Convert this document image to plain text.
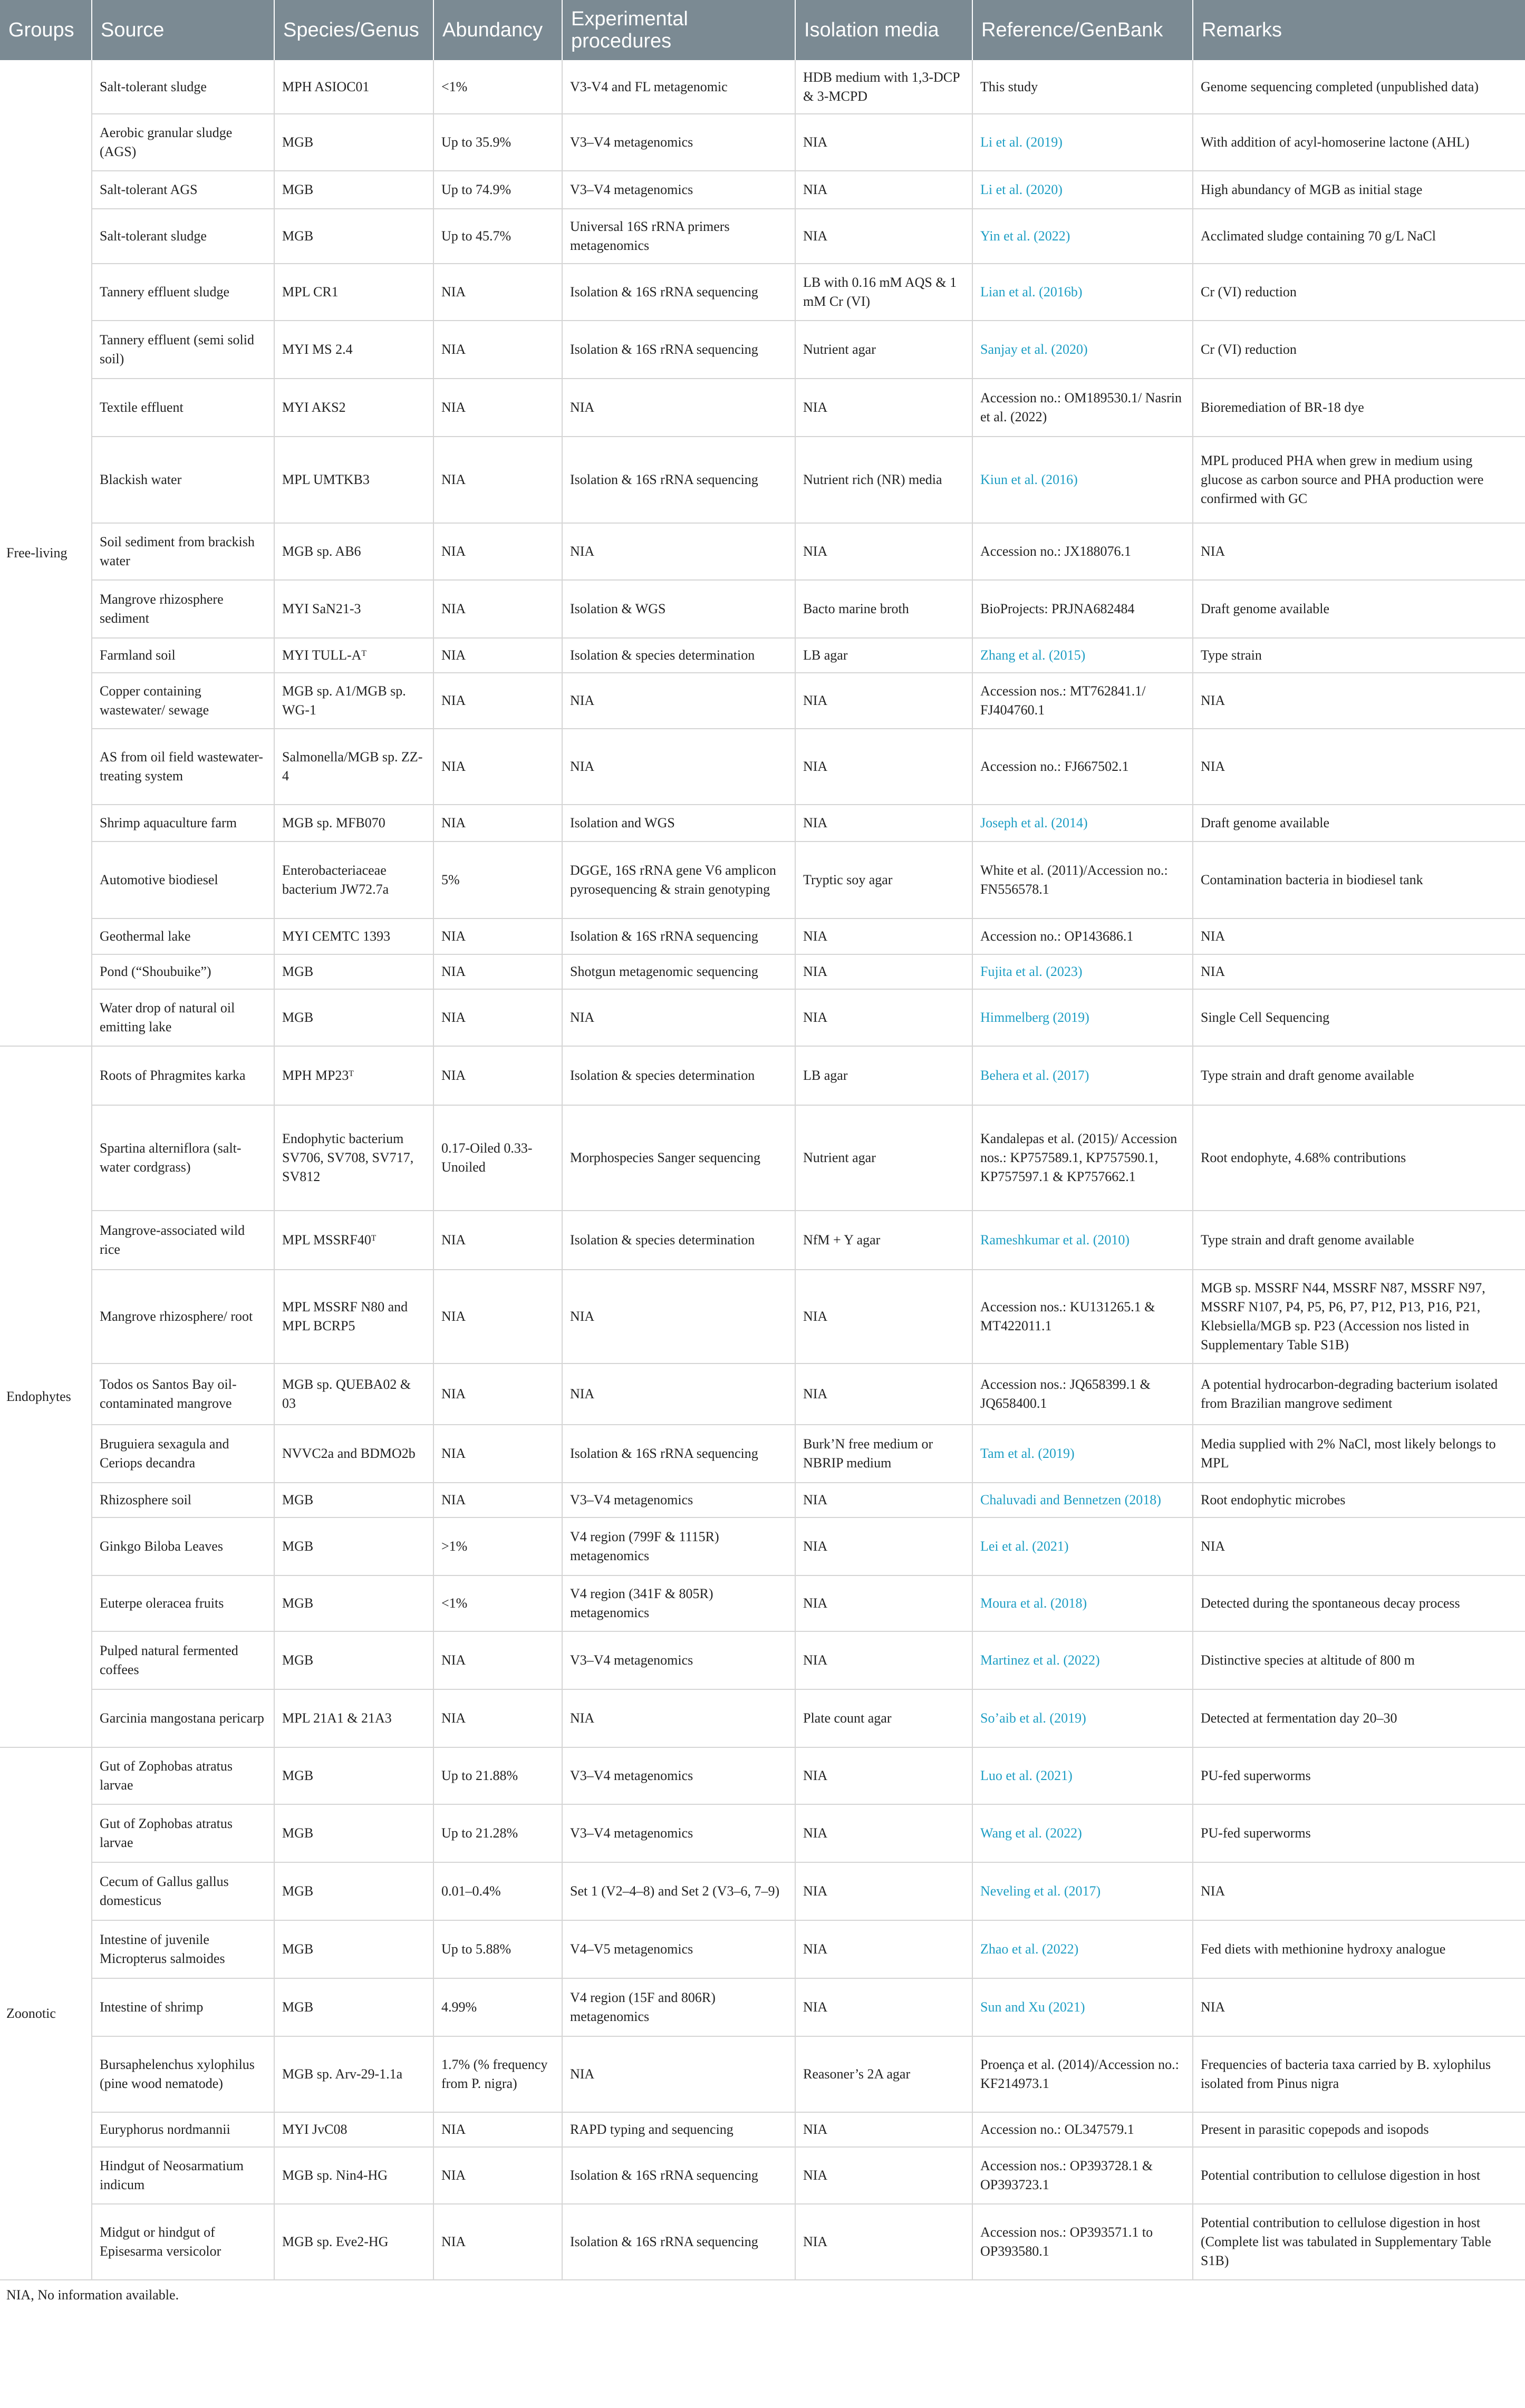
Groups	Source	Species/Genus	Abundancy	Experimental procedures	Isolation media	Reference/GenBank	Remarks
Free-living	Salt-tolerant sludge	MPH ASIOC01	<1%	V3-V4 and FL metagenomic	HDB medium with 1,3-DCP & 3-MCPD	This study	Genome sequencing completed (unpublished data)
	Aerobic granular sludge (AGS)	MGB	Up to 35.9%	V3–V4 metagenomics	NIA	Li et al. (2019)	With addition of acyl-homoserine lactone (AHL)
	Salt-tolerant AGS	MGB	Up to 74.9%	V3–V4 metagenomics	NIA	Li et al. (2020)	High abundancy of MGB as initial stage
	Salt-tolerant sludge	MGB	Up to 45.7%	Universal 16S rRNA primers metagenomics	NIA	Yin et al. (2022)	Acclimated sludge containing 70 g/L NaCl
	Tannery effluent sludge	MPL CR1	NIA	Isolation & 16S rRNA sequencing	LB with 0.16 mM AQS & 1 mM Cr (VI)	Lian et al. (2016b)	Cr (VI) reduction
	Tannery effluent (semi solid soil)	MYI MS 2.4	NIA	Isolation & 16S rRNA sequencing	Nutrient agar	Sanjay et al. (2020)	Cr (VI) reduction
	Textile effluent	MYI AKS2	NIA	NIA	NIA	Accession no.: OM189530.1/ Nasrin et al. (2022)	Bioremediation of BR-18 dye
	Blackish water	MPL UMTKB3	NIA	Isolation & 16S rRNA sequencing	Nutrient rich (NR) media	Kiun et al. (2016)	MPL produced PHA when grew in medium using glucose as carbon source and PHA production were confirmed with GC
	Soil sediment from brackish water	MGB sp. AB6	NIA	NIA	NIA	Accession no.: JX188076.1	NIA
	Mangrove rhizosphere sediment	MYI SaN21-3	NIA	Isolation & WGS	Bacto marine broth	BioProjects: PRJNA682484	Draft genome available
	Farmland soil	MYI TULL-Aᵀ	NIA	Isolation & species determination	LB agar	Zhang et al. (2015)	Type strain
	Copper containing wastewater/ sewage	MGB sp. A1/MGB sp. WG-1	NIA	NIA	NIA	Accession nos.: MT762841.1/ FJ404760.1	NIA
	AS from oil field wastewater-treating system	Salmonella/MGB sp. ZZ-4	NIA	NIA	NIA	Accession no.: FJ667502.1	NIA
	Shrimp aquaculture farm	MGB sp. MFB070	NIA	Isolation and WGS	NIA	Joseph et al. (2014)	Draft genome available
	Automotive biodiesel	Enterobacteriaceae bacterium JW72.7a	5%	DGGE, 16S rRNA gene V6 amplicon pyrosequencing & strain genotyping	Tryptic soy agar	White et al. (2011)/Accession no.: FN556578.1	Contamination bacteria in biodiesel tank
	Geothermal lake	MYI CEMTC 1393	NIA	Isolation & 16S rRNA sequencing	NIA	Accession no.: OP143686.1	NIA
	Pond (“Shoubuike”)	MGB	NIA	Shotgun metagenomic sequencing	NIA	Fujita et al. (2023)	NIA
	Water drop of natural oil emitting lake	MGB	NIA	NIA	NIA	Himmelberg (2019)	Single Cell Sequencing
Endophytes	Roots of Phragmites karka	MPH MP23ᵀ	NIA	Isolation & species determination	LB agar	Behera et al. (2017)	Type strain and draft genome available
	Spartina alterniflora (salt-water cordgrass)	Endophytic bacterium SV706, SV708, SV717, SV812	0.17-Oiled 0.33-Unoiled	Morphospecies Sanger sequencing	Nutrient agar	Kandalepas et al. (2015)/ Accession nos.: KP757589.1, KP757590.1, KP757597.1 & KP757662.1	Root endophyte, 4.68% contributions
	Mangrove-associated wild rice	MPL MSSRF40ᵀ	NIA	Isolation & species determination	NfM + Y agar	Rameshkumar et al. (2010)	Type strain and draft genome available
	Mangrove rhizosphere/ root	MPL MSSRF N80 and MPL BCRP5	NIA	NIA	NIA	Accession nos.: KU131265.1 & MT422011.1	MGB sp. MSSRF N44, MSSRF N87, MSSRF N97, MSSRF N107, P4, P5, P6, P7, P12, P13, P16, P21, Klebsiella/MGB sp. P23 (Accession nos listed in Supplementary Table S1B)
	Todos os Santos Bay oil-contaminated mangrove	MGB sp. QUEBA02 & 03	NIA	NIA	NIA	Accession nos.: JQ658399.1 & JQ658400.1	A potential hydrocarbon-degrading bacterium isolated from Brazilian mangrove sediment
	Bruguiera sexagula and Ceriops decandra	NVVC2a and BDMO2b	NIA	Isolation & 16S rRNA sequencing	Burk’N free medium or NBRIP medium	Tam et al. (2019)	Media supplied with 2% NaCl, most likely belongs to MPL
	Rhizosphere soil	MGB	NIA	V3–V4 metagenomics	NIA	Chaluvadi and Bennetzen (2018)	Root endophytic microbes
	Ginkgo Biloba Leaves	MGB	>1%	V4 region (799F & 1115R) metagenomics	NIA	Lei et al. (2021)	NIA
	Euterpe oleracea fruits	MGB	<1%	V4 region (341F & 805R) metagenomics	NIA	Moura et al. (2018)	Detected during the spontaneous decay process
	Pulped natural fermented coffees	MGB	NIA	V3–V4 metagenomics	NIA	Martinez et al. (2022)	Distinctive species at altitude of 800 m
	Garcinia mangostana pericarp	MPL 21A1 & 21A3	NIA	NIA	Plate count agar	So’aib et al. (2019)	Detected at fermentation day 20–30
Zoonotic	Gut of Zophobas atratus larvae	MGB	Up to 21.88%	V3–V4 metagenomics	NIA	Luo et al. (2021)	PU-fed superworms
	Gut of Zophobas atratus larvae	MGB	Up to 21.28%	V3–V4 metagenomics	NIA	Wang et al. (2022)	PU-fed superworms
	Cecum of Gallus gallus domesticus	MGB	0.01–0.4%	Set 1 (V2–4–8) and Set 2 (V3–6, 7–9)	NIA	Neveling et al. (2017)	NIA
	Intestine of juvenile Micropterus salmoides	MGB	Up to 5.88%	V4–V5 metagenomics	NIA	Zhao et al. (2022)	Fed diets with methionine hydroxy analogue
	Intestine of shrimp	MGB	4.99%	V4 region (15F and 806R) metagenomics	NIA	Sun and Xu (2021)	NIA
	Bursaphelenchus xylophilus (pine wood nematode)	MGB sp. Arv-29-1.1a	1.7% (% frequency from P. nigra)	NIA	Reasoner’s 2A agar	Proença et al. (2014)/Accession no.: KF214973.1	Frequencies of bacteria taxa carried by B. xylophilus isolated from Pinus nigra
	Euryphorus nordmannii	MYI JvC08	NIA	RAPD typing and sequencing	NIA	Accession no.: OL347579.1	Present in parasitic copepods and isopods
	Hindgut of Neosarmatium indicum	MGB sp. Nin4-HG	NIA	Isolation & 16S rRNA sequencing	NIA	Accession nos.: OP393728.1 & OP393723.1	Potential contribution to cellulose digestion in host
	Midgut or hindgut of Episesarma versicolor	MGB sp. Eve2-HG	NIA	Isolation & 16S rRNA sequencing	NIA	Accession nos.: OP393571.1 to OP393580.1	Potential contribution to cellulose digestion in host (Complete list was tabulated in Supplementary Table S1B)
NIA, No information available.
